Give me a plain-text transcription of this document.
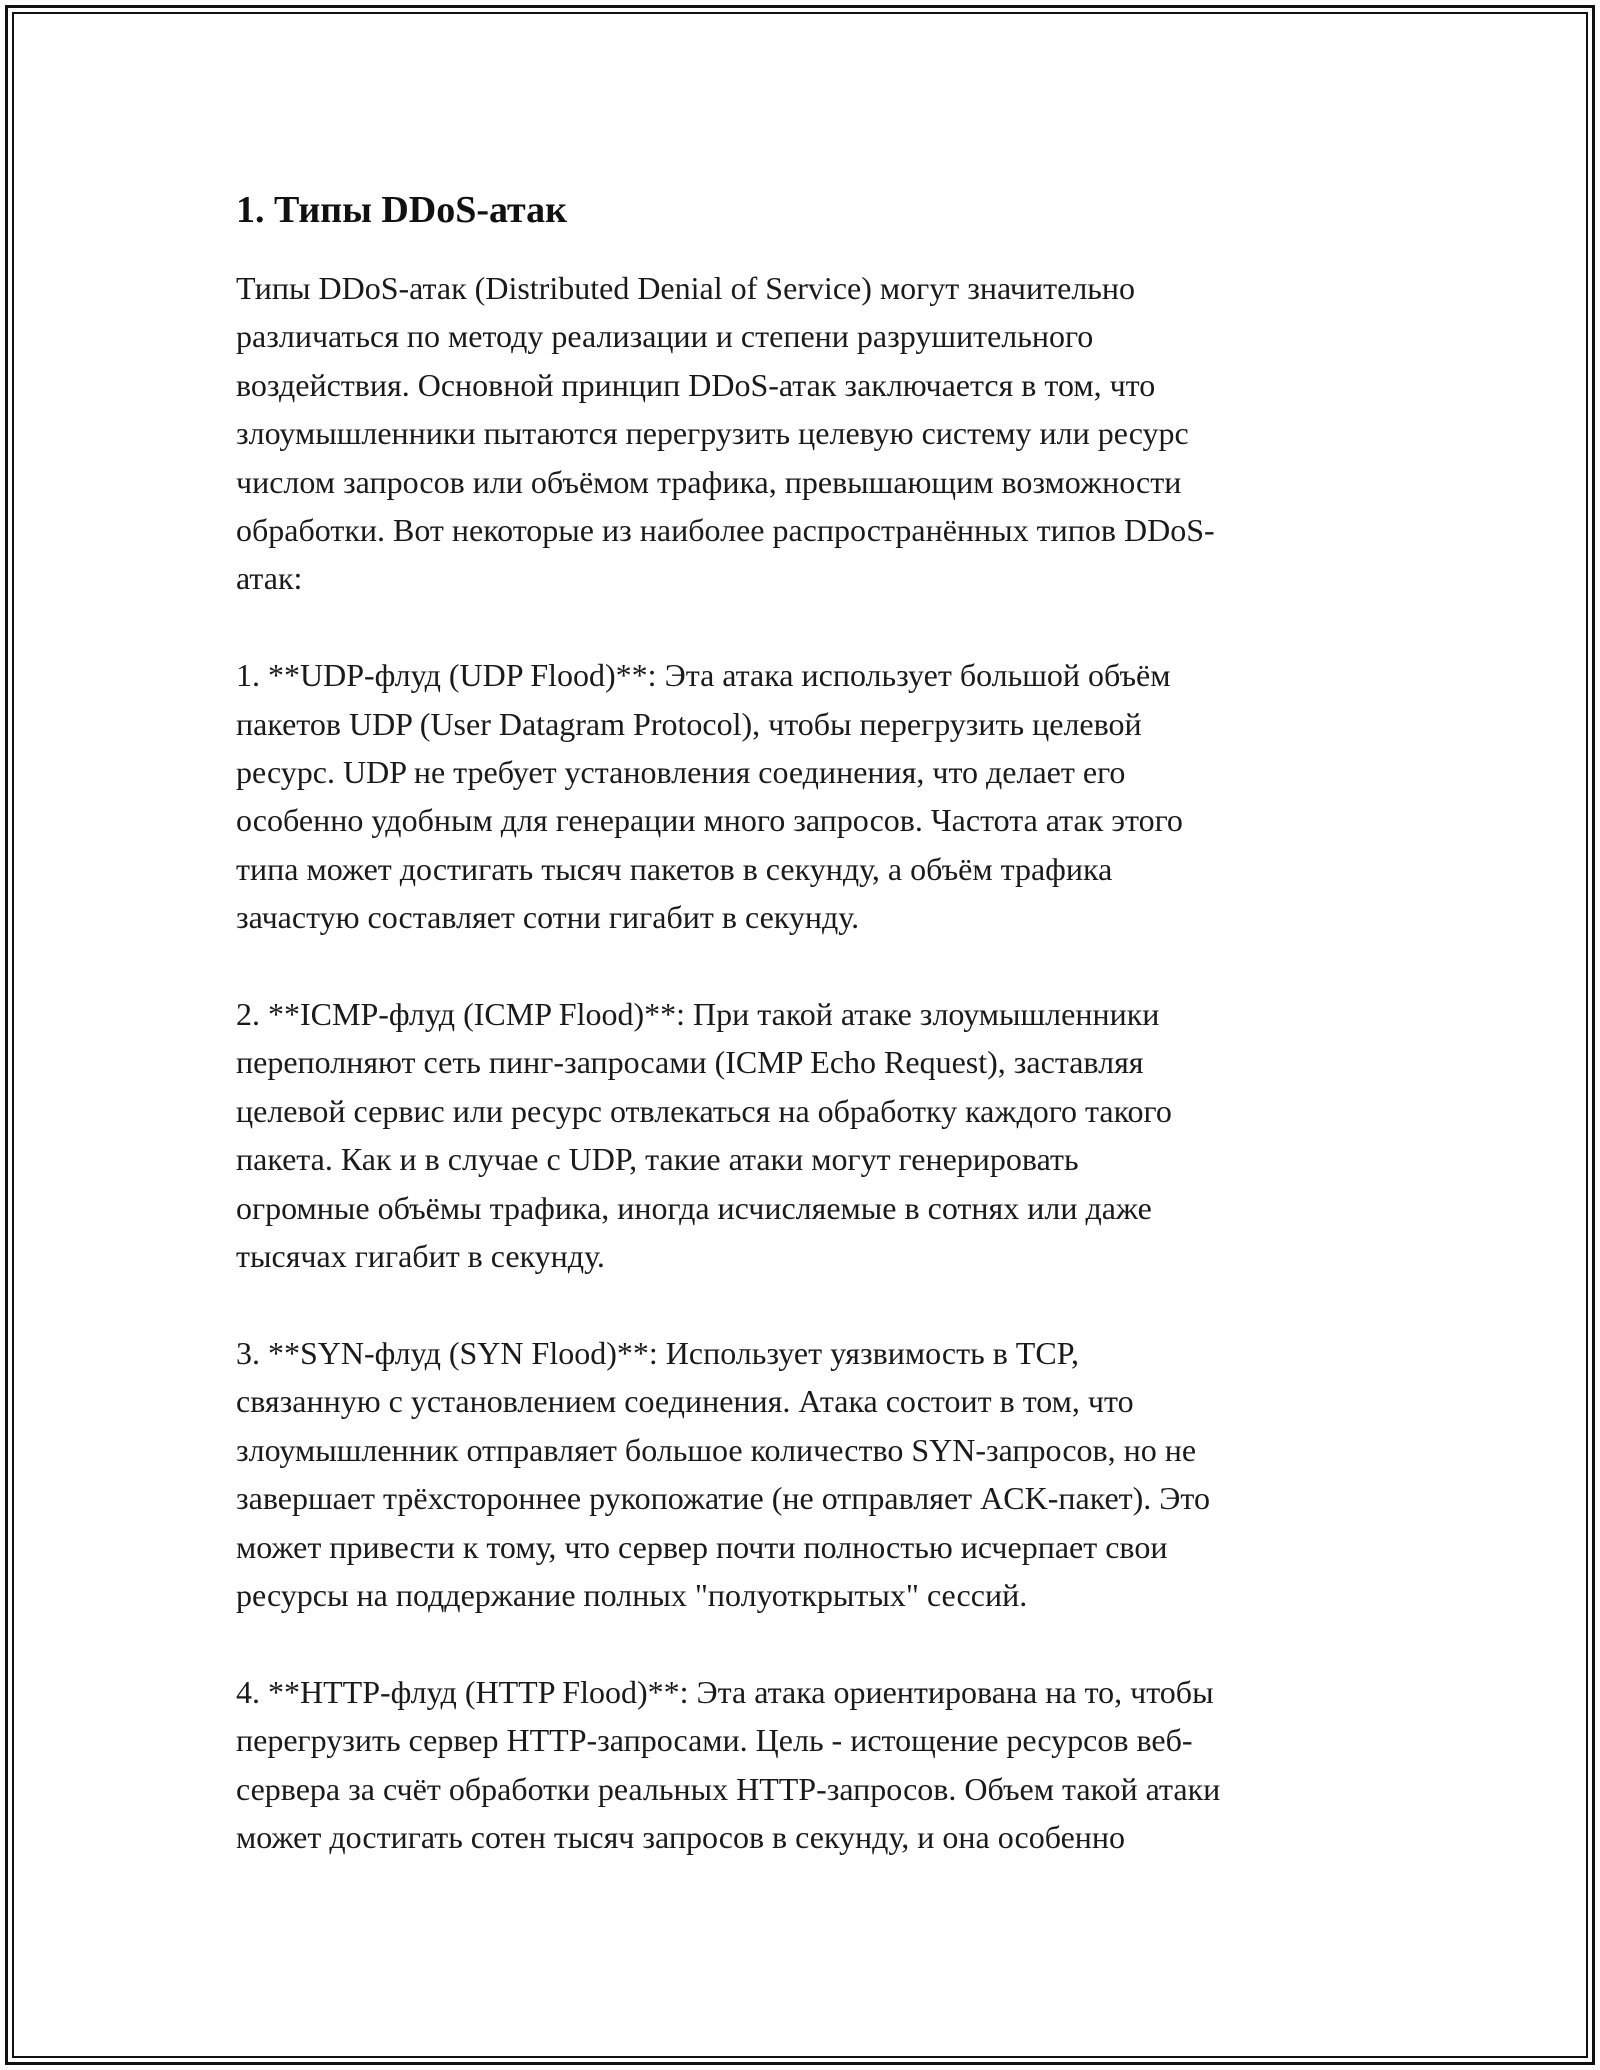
1. Типы DDoS-атак

Типы DDoS-атак (Distributed Denial of Service) могут значительно
различаться по методу реализации и степени разрушительного
воздействия. Основной принцип DDoS-атак заключается в том, что
злоумышленники пытаются перегрузить целевую систему или ресурс
числом запросов или объёмом трафика, превышающим возможности
обработки. Вот некоторые из наиболее распространённых типов DDoS-
атак:

1. **UDP-флуд (UDP Flood)**: Эта атака использует большой объём
пакетов UDP (User Datagram Protocol), чтобы перегрузить целевой
ресурс. UDP не требует установления соединения, что делает его
особенно удобным для генерации много запросов. Частота атак этого
типа может достигать тысяч пакетов в секунду, а объём трафика
зачастую составляет сотни гигабит в секунду.

2. **ICMP-флуд (ICMP Flood)**: При такой атаке злоумышленники
переполняют сеть пинг-запросами (ICMP Echo Request), заставляя
целевой сервис или ресурс отвлекаться на обработку каждого такого
пакета. Как и в случае с UDP, такие атаки могут генерировать
огромные объёмы трафика, иногда исчисляемые в сотнях или даже
тысячах гигабит в секунду.

3. **SYN-флуд (SYN Flood)**: Использует уязвимость в TCP,
связанную с установлением соединения. Атака состоит в том, что
злоумышленник отправляет большое количество SYN-запросов, но не
завершает трёхстороннее рукопожатие (не отправляет ACK-пакет). Это
может привести к тому, что сервер почти полностью исчерпает свои
ресурсы на поддержание полных "полуоткрытых" сессий.

4. **HTTP-флуд (HTTP Flood)**: Эта атака ориентирована на то, чтобы
перегрузить сервер HTTP-запросами. Цель - истощение ресурсов веб-
сервера за счёт обработки реальных HTTP-запросов. Объем такой атаки
может достигать сотен тысяч запросов в секунду, и она особенно
